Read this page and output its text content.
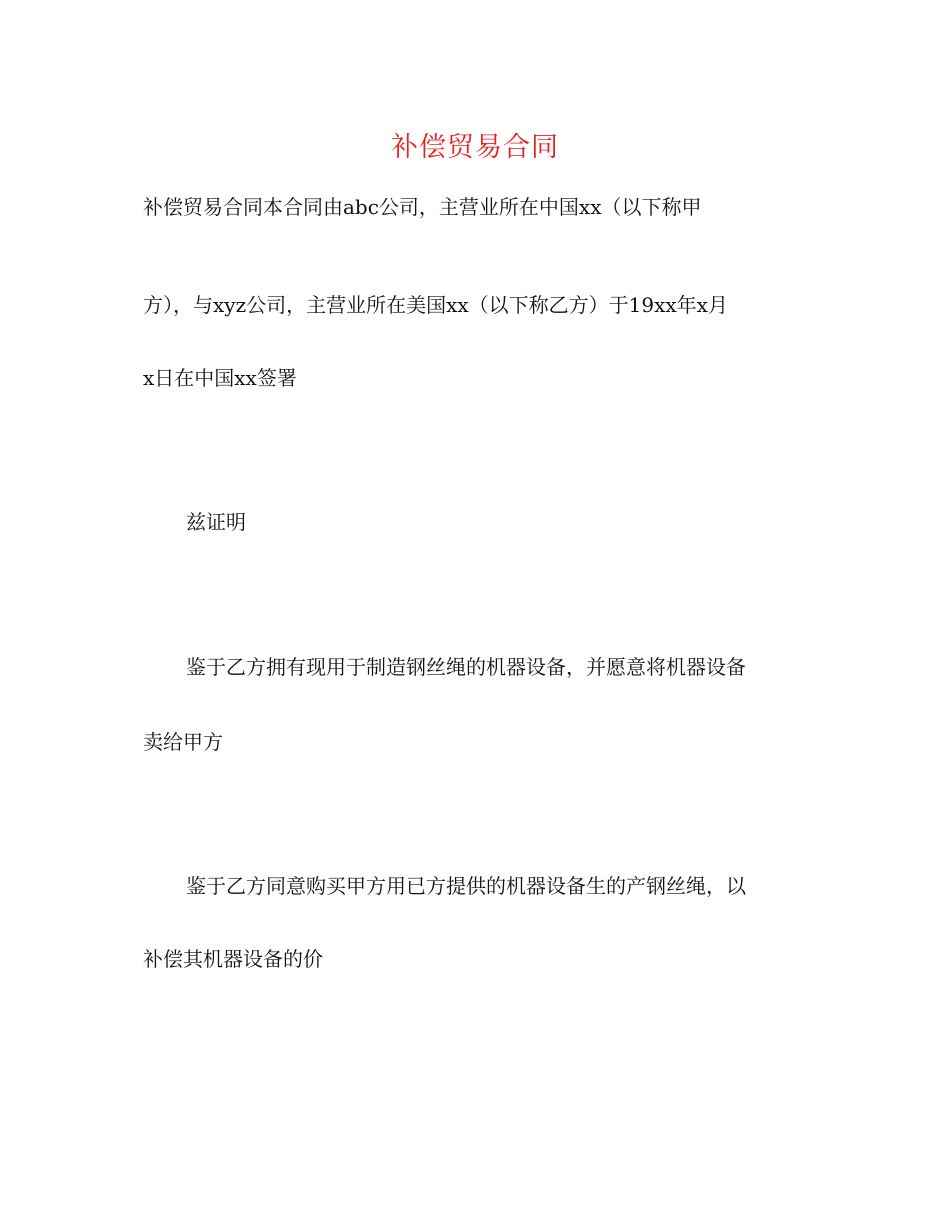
补偿贸易合同
补偿贸易合同本合同由abc公司，主营业所在中国xx（以下称甲
方），与xyz公司，主营业所在美国xx（以下称乙方）于19xx年x月
x日在中国xx签署
兹证明
鉴于乙方拥有现用于制造钢丝绳的机器设备，并愿意将机器设备
卖给甲方
鉴于乙方同意购买甲方用已方提供的机器设备生的产钢丝绳，以
补偿其机器设备的价
